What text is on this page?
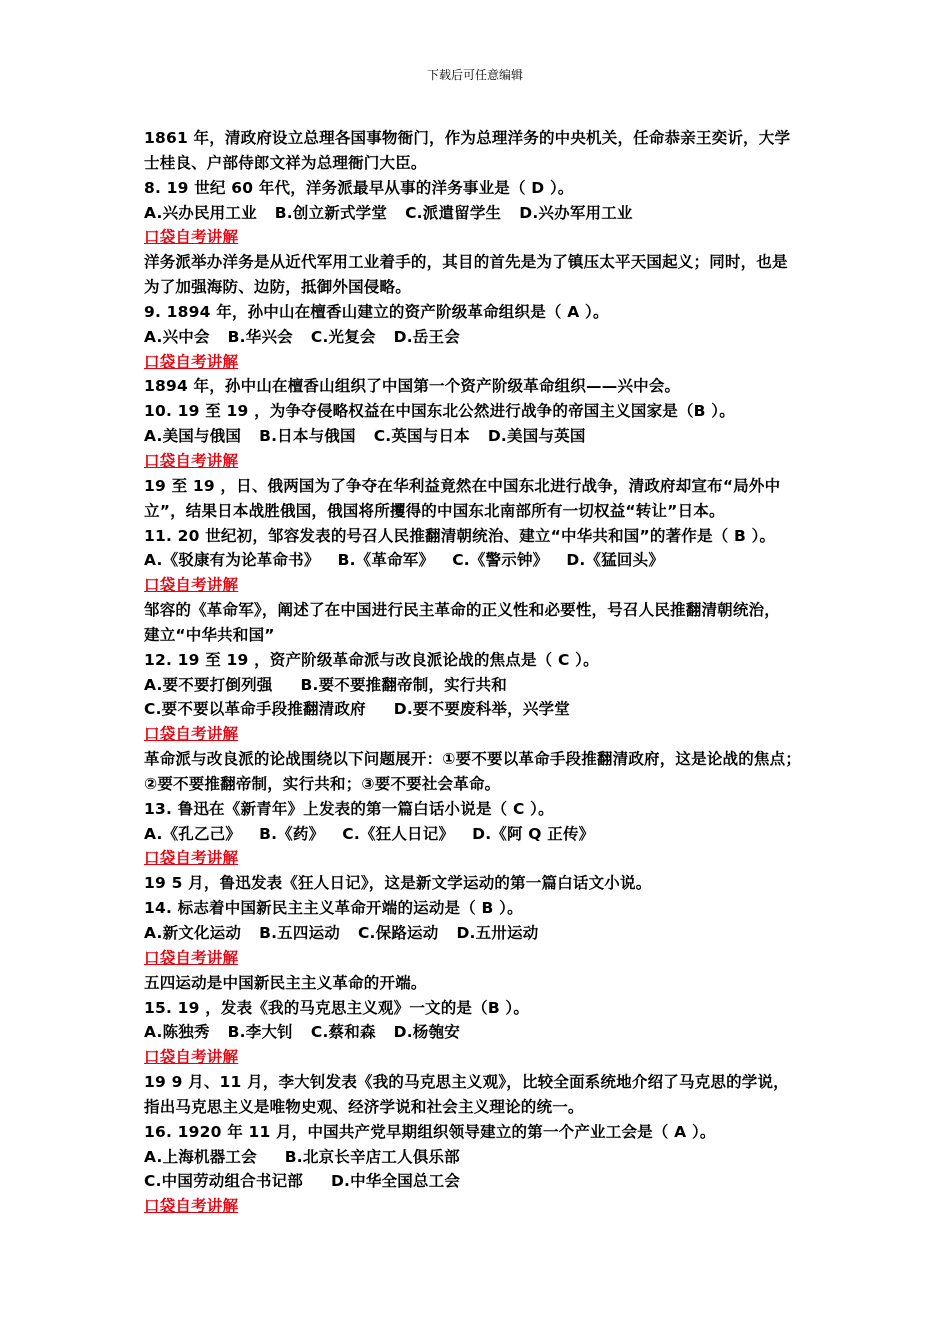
下载后可任意编辑
1861 年，清政府设立总理各国事物衙门，作为总理洋务的中央机关，任命恭亲王奕䜣，大学
士桂良、户部侍郎文祥为总理衙门大臣。
8. 19 世纪 60 年代，洋务派最早从事的洋务事业是（ D ）。
A.兴办民用工业 B.创立新式学堂 C.派遣留学生 D.兴办军用工业
口袋自考讲解
洋务派举办洋务是从近代军用工业着手的，其目的首先是为了镇压太平天国起义；同时，也是
为了加强海防、边防，抵御外国侵略。
9. 1894 年，孙中山在檀香山建立的资产阶级革命组织是（ A ）。
A.兴中会 B.华兴会 C.光复会 D.岳王会
口袋自考讲解
1894 年，孙中山在檀香山组织了中国第一个资产阶级革命组织——兴中会。
10. 19 至 19 ，为争夺侵略权益在中国东北公然进行战争的帝国主义国家是（B ）。
A.美国与俄国 B.日本与俄国 C.英国与日本 D.美国与英国
口袋自考讲解
19 至 19 ，日、俄两国为了争夺在华利益竟然在中国东北进行战争，清政府却宣布“局外中
立”，结果日本战胜俄国，俄国将所攫得的中国东北南部所有一切权益“转让”日本。
11. 20 世纪初，邹容发表的号召人民推翻清朝统治、建立“中华共和国”的著作是（ B ）。
A.《驳康有为论革命书》 B.《革命军》 C.《警示钟》 D.《猛回头》
口袋自考讲解
邹容的《革命军》，阐述了在中国进行民主革命的正义性和必要性，号召人民推翻清朝统治，
建立“中华共和国”
12. 19 至 19 ，资产阶级革命派与改良派论战的焦点是（ C ）。
A.要不要打倒列强 B.要不要推翻帝制，实行共和
C.要不要以革命手段推翻清政府 D.要不要废科举，兴学堂
口袋自考讲解
革命派与改良派的论战围绕以下问题展开：①要不要以革命手段推翻清政府，这是论战的焦点；
②要不要推翻帝制，实行共和；③要不要社会革命。
13. 鲁迅在《新青年》上发表的第一篇白话小说是（ C ）。
A.《孔乙己》 B.《药》 C.《狂人日记》 D.《阿 Q 正传》
口袋自考讲解
19 5 月，鲁迅发表《狂人日记》，这是新文学运动的第一篇白话文小说。
14. 标志着中国新民主主义革命开端的运动是（ B ）。
A.新文化运动 B.五四运动 C.保路运动 D.五卅运动
口袋自考讲解
五四运动是中国新民主主义革命的开端。
15. 19 ，发表《我的马克思主义观》一文的是（B ）。
A.陈独秀 B.李大钊 C.蔡和森 D.杨匏安
口袋自考讲解
19 9 月、11 月，李大钊发表《我的马克思主义观》，比较全面系统地介绍了马克思的学说，
指出马克思主义是唯物史观、经济学说和社会主义理论的统一。
16. 1920 年 11 月，中国共产党早期组织领导建立的第一个产业工会是（ A ）。
A.上海机器工会 B.北京长辛店工人俱乐部
C.中国劳动组合书记部 D.中华全国总工会
口袋自考讲解
